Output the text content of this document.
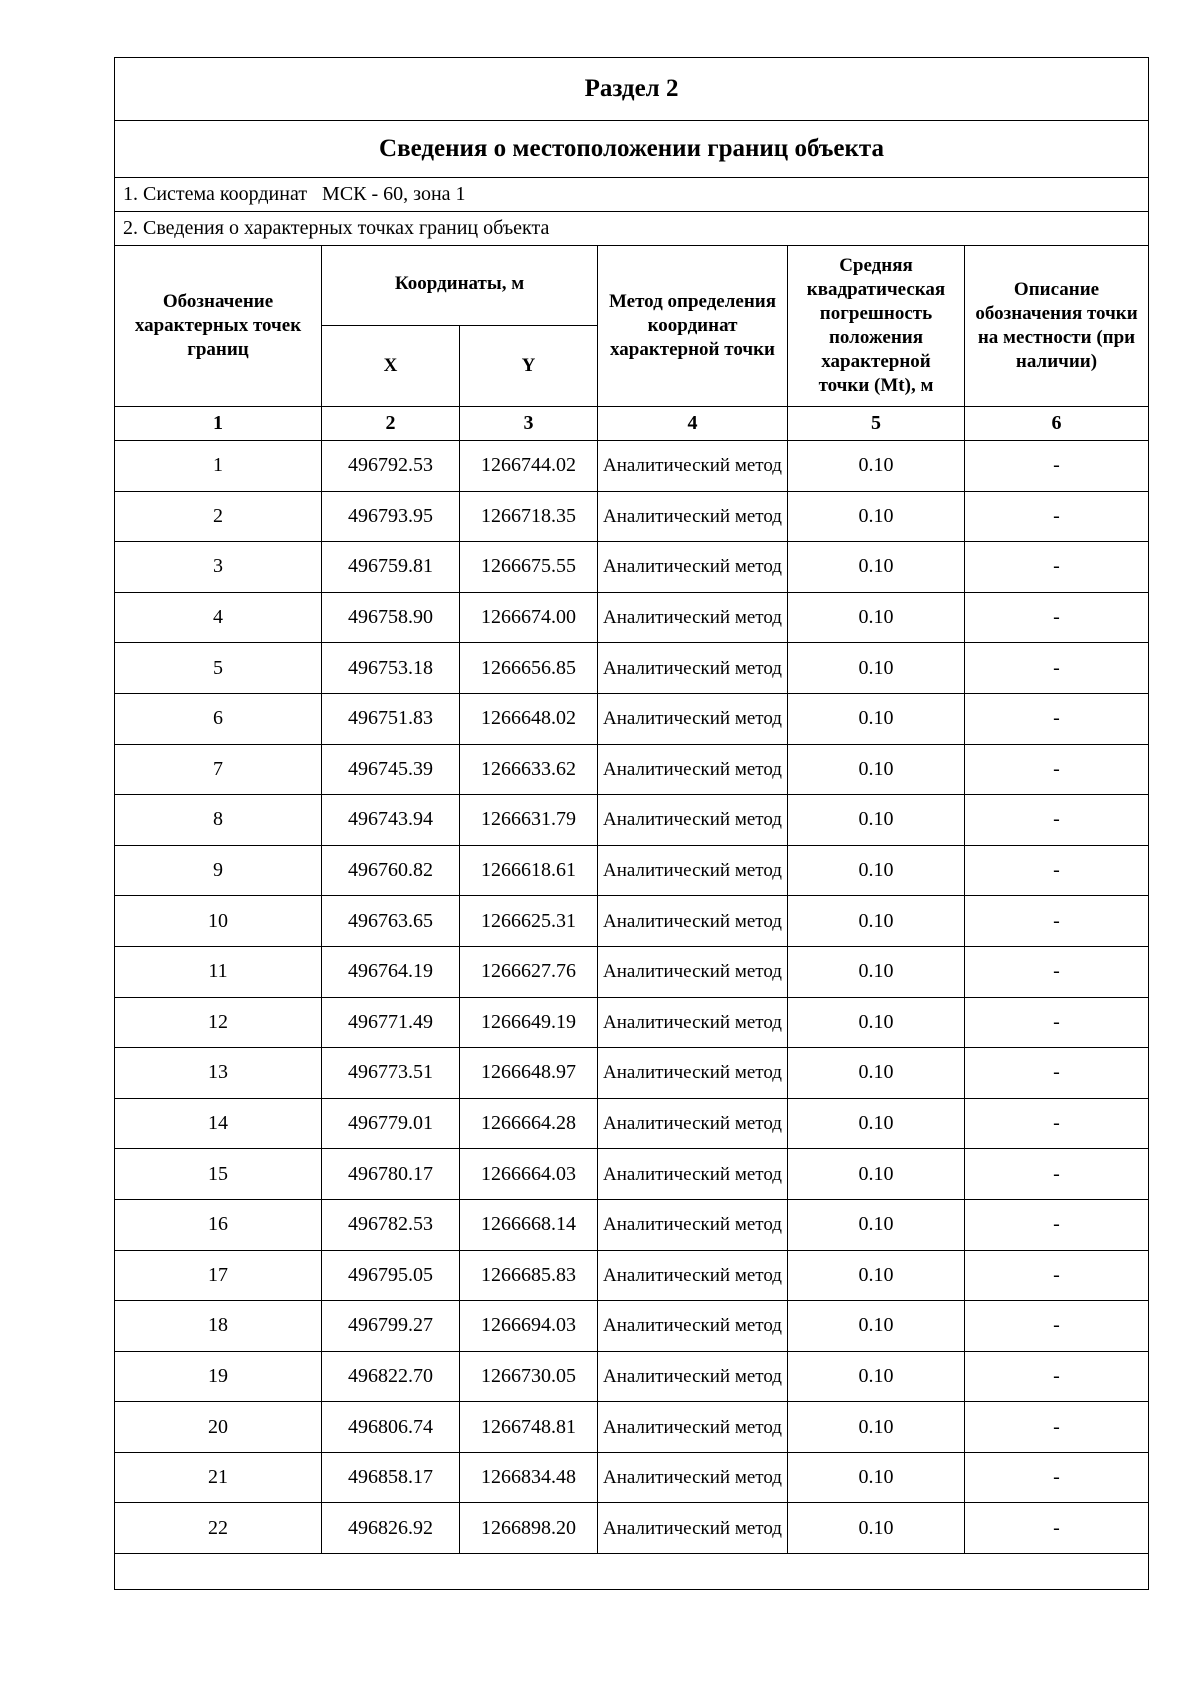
Раздел 2					
Сведения о местоположении границ объекта					
1. Система координат   МСК - 60, зона 1					
2. Сведения о характерных точках границ объекта					
Обозначение характерных точек границ	Координаты, м		Метод определения координат характерной точки	Средняя квадратическая погрешность положения характерной точки (Mt), м	Описание обозначения точки на местности (при наличии)
	X	Y			
1	2	3	4	5	6
1	496792.53	1266744.02	Аналитический метод	0.10	-
2	496793.95	1266718.35	Аналитический метод	0.10	-
3	496759.81	1266675.55	Аналитический метод	0.10	-
4	496758.90	1266674.00	Аналитический метод	0.10	-
5	496753.18	1266656.85	Аналитический метод	0.10	-
6	496751.83	1266648.02	Аналитический метод	0.10	-
7	496745.39	1266633.62	Аналитический метод	0.10	-
8	496743.94	1266631.79	Аналитический метод	0.10	-
9	496760.82	1266618.61	Аналитический метод	0.10	-
10	496763.65	1266625.31	Аналитический метод	0.10	-
11	496764.19	1266627.76	Аналитический метод	0.10	-
12	496771.49	1266649.19	Аналитический метод	0.10	-
13	496773.51	1266648.97	Аналитический метод	0.10	-
14	496779.01	1266664.28	Аналитический метод	0.10	-
15	496780.17	1266664.03	Аналитический метод	0.10	-
16	496782.53	1266668.14	Аналитический метод	0.10	-
17	496795.05	1266685.83	Аналитический метод	0.10	-
18	496799.27	1266694.03	Аналитический метод	0.10	-
19	496822.70	1266730.05	Аналитический метод	0.10	-
20	496806.74	1266748.81	Аналитический метод	0.10	-
21	496858.17	1266834.48	Аналитический метод	0.10	-
22	496826.92	1266898.20	Аналитический метод	0.10	-
